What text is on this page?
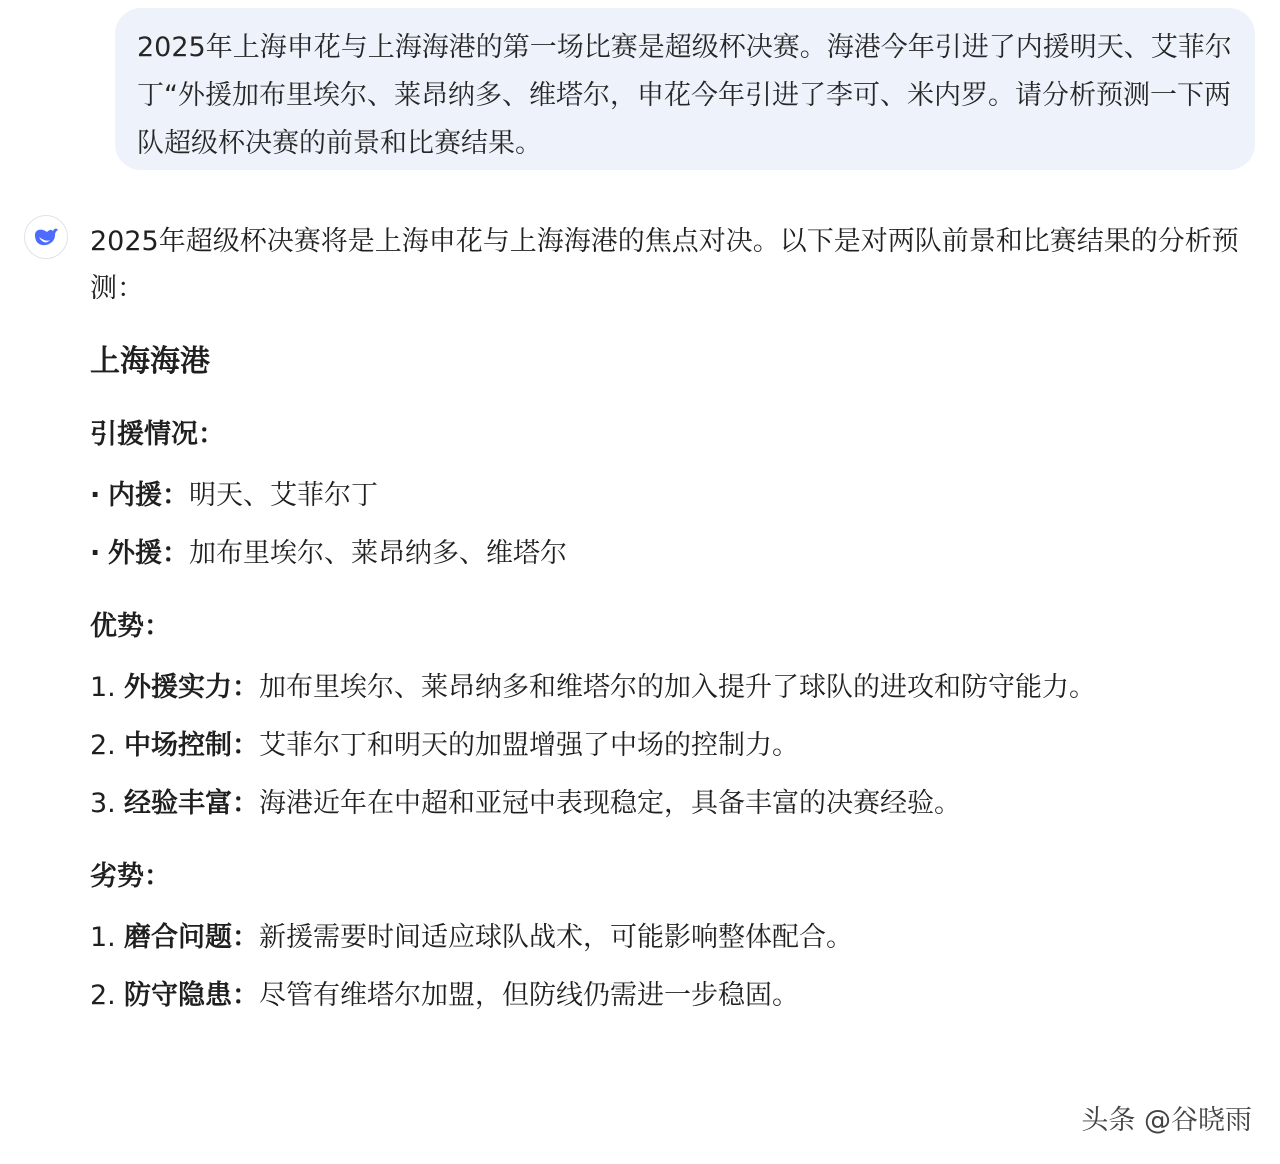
2025年上海申花与上海海港的第一场比赛是超级杯决赛。海港今年引进了内援明天、艾菲尔丁“外援加布里埃尔、莱昂纳多、维塔尔，申花今年引进了李可、米内罗。请分析预测一下两队超级杯决赛的前景和比赛结果。

2025年超级杯决赛将是上海申花与上海海港的焦点对决。以下是对两队前景和比赛结果的分析预测：

上海海港

引援情况：

· 内援：明天、艾菲尔丁
· 外援：加布里埃尔、莱昂纳多、维塔尔

优势：

1. 外援实力：加布里埃尔、莱昂纳多和维塔尔的加入提升了球队的进攻和防守能力。
2. 中场控制：艾菲尔丁和明天的加盟增强了中场的控制力。
3. 经验丰富：海港近年在中超和亚冠中表现稳定，具备丰富的决赛经验。

劣势：

1. 磨合问题：新援需要时间适应球队战术，可能影响整体配合。
2. 防守隐患：尽管有维塔尔加盟，但防线仍需进一步稳固。
头条 @谷晓雨
